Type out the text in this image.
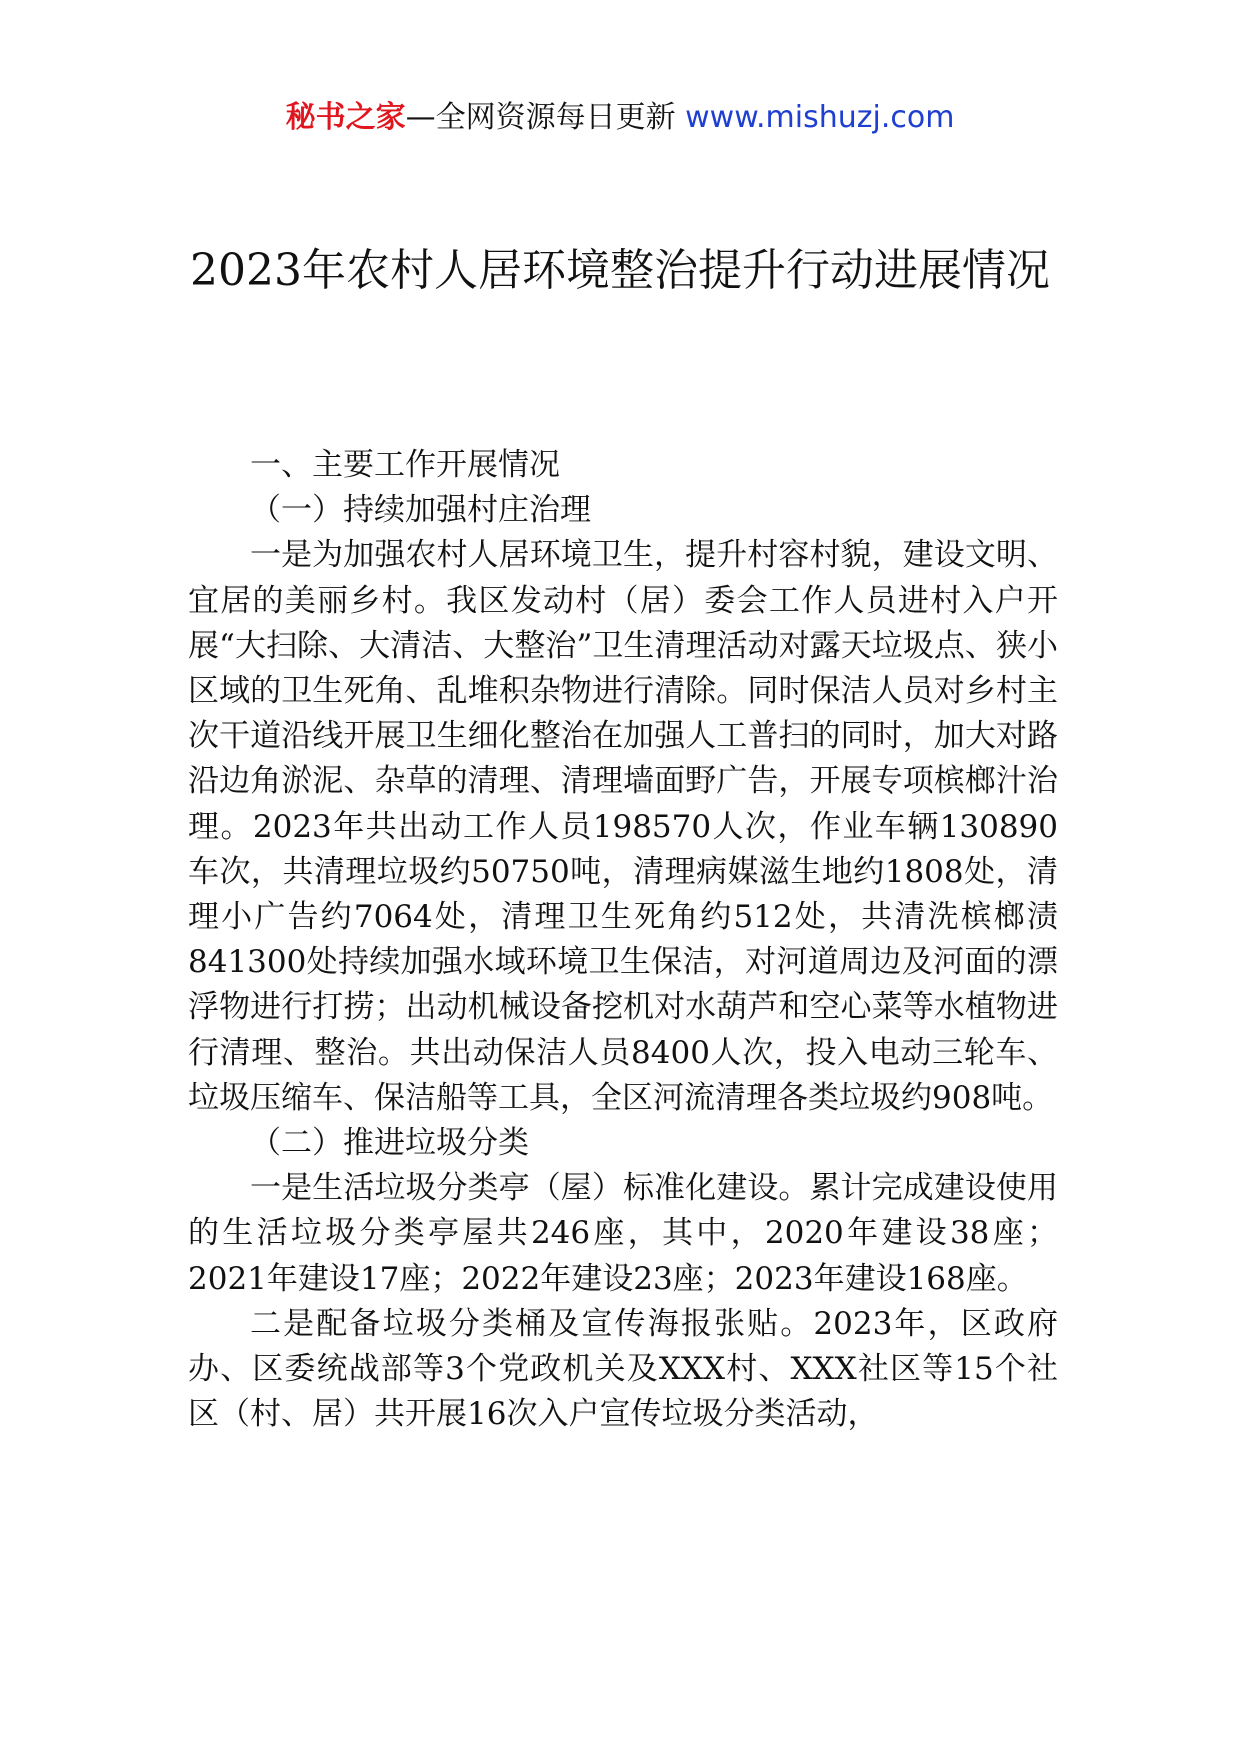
秘书之家—全网资源每日更新 www.mishuzj.com
2023年农村人居环境整治提升行动进展情况

一、主要工作开展情况

（一）持续加强村庄治理

一是为加强农村人居环境卫生，提升村容村貌，建设文明、宜居的美丽乡村。我区发动村（居）委会工作人员进村入户开展“大扫除、大清洁、大整治”卫生清理活动对露天垃圾点、狭小区域的卫生死角、乱堆积杂物进行清除。同时保洁人员对乡村主次干道沿线开展卫生细化整治在加强人工普扫的同时，加大对路沿边角淤泥、杂草的清理、清理墙面野广告，开展专项槟榔汁治理。2023年共出动工作人员198570人次，作业车辆130890车次，共清理垃圾约50750吨，清理病媒滋生地约1808处，清理小广告约7064处，清理卫生死角约512处，共清洗槟榔渍841300处持续加强水域环境卫生保洁，对河道周边及河面的漂浮物进行打捞；出动机械设备挖机对水葫芦和空心菜等水植物进行清理、整治。共出动保洁人员8400人次，投入电动三轮车、垃圾压缩车、保洁船等工具，全区河流清理各类垃圾约908吨。

（二）推进垃圾分类

一是生活垃圾分类亭（屋）标准化建设。累计完成建设使用的生活垃圾分类亭屋共246座，其中，2020年建设38座；2021年建设17座；2022年建设23座；2023年建设168座。

二是配备垃圾分类桶及宣传海报张贴。2023年，区政府办、区委统战部等3个党政机关及XXX村、XXX社区等15个社区（村、居）共开展16次入户宣传垃圾分类活动，
